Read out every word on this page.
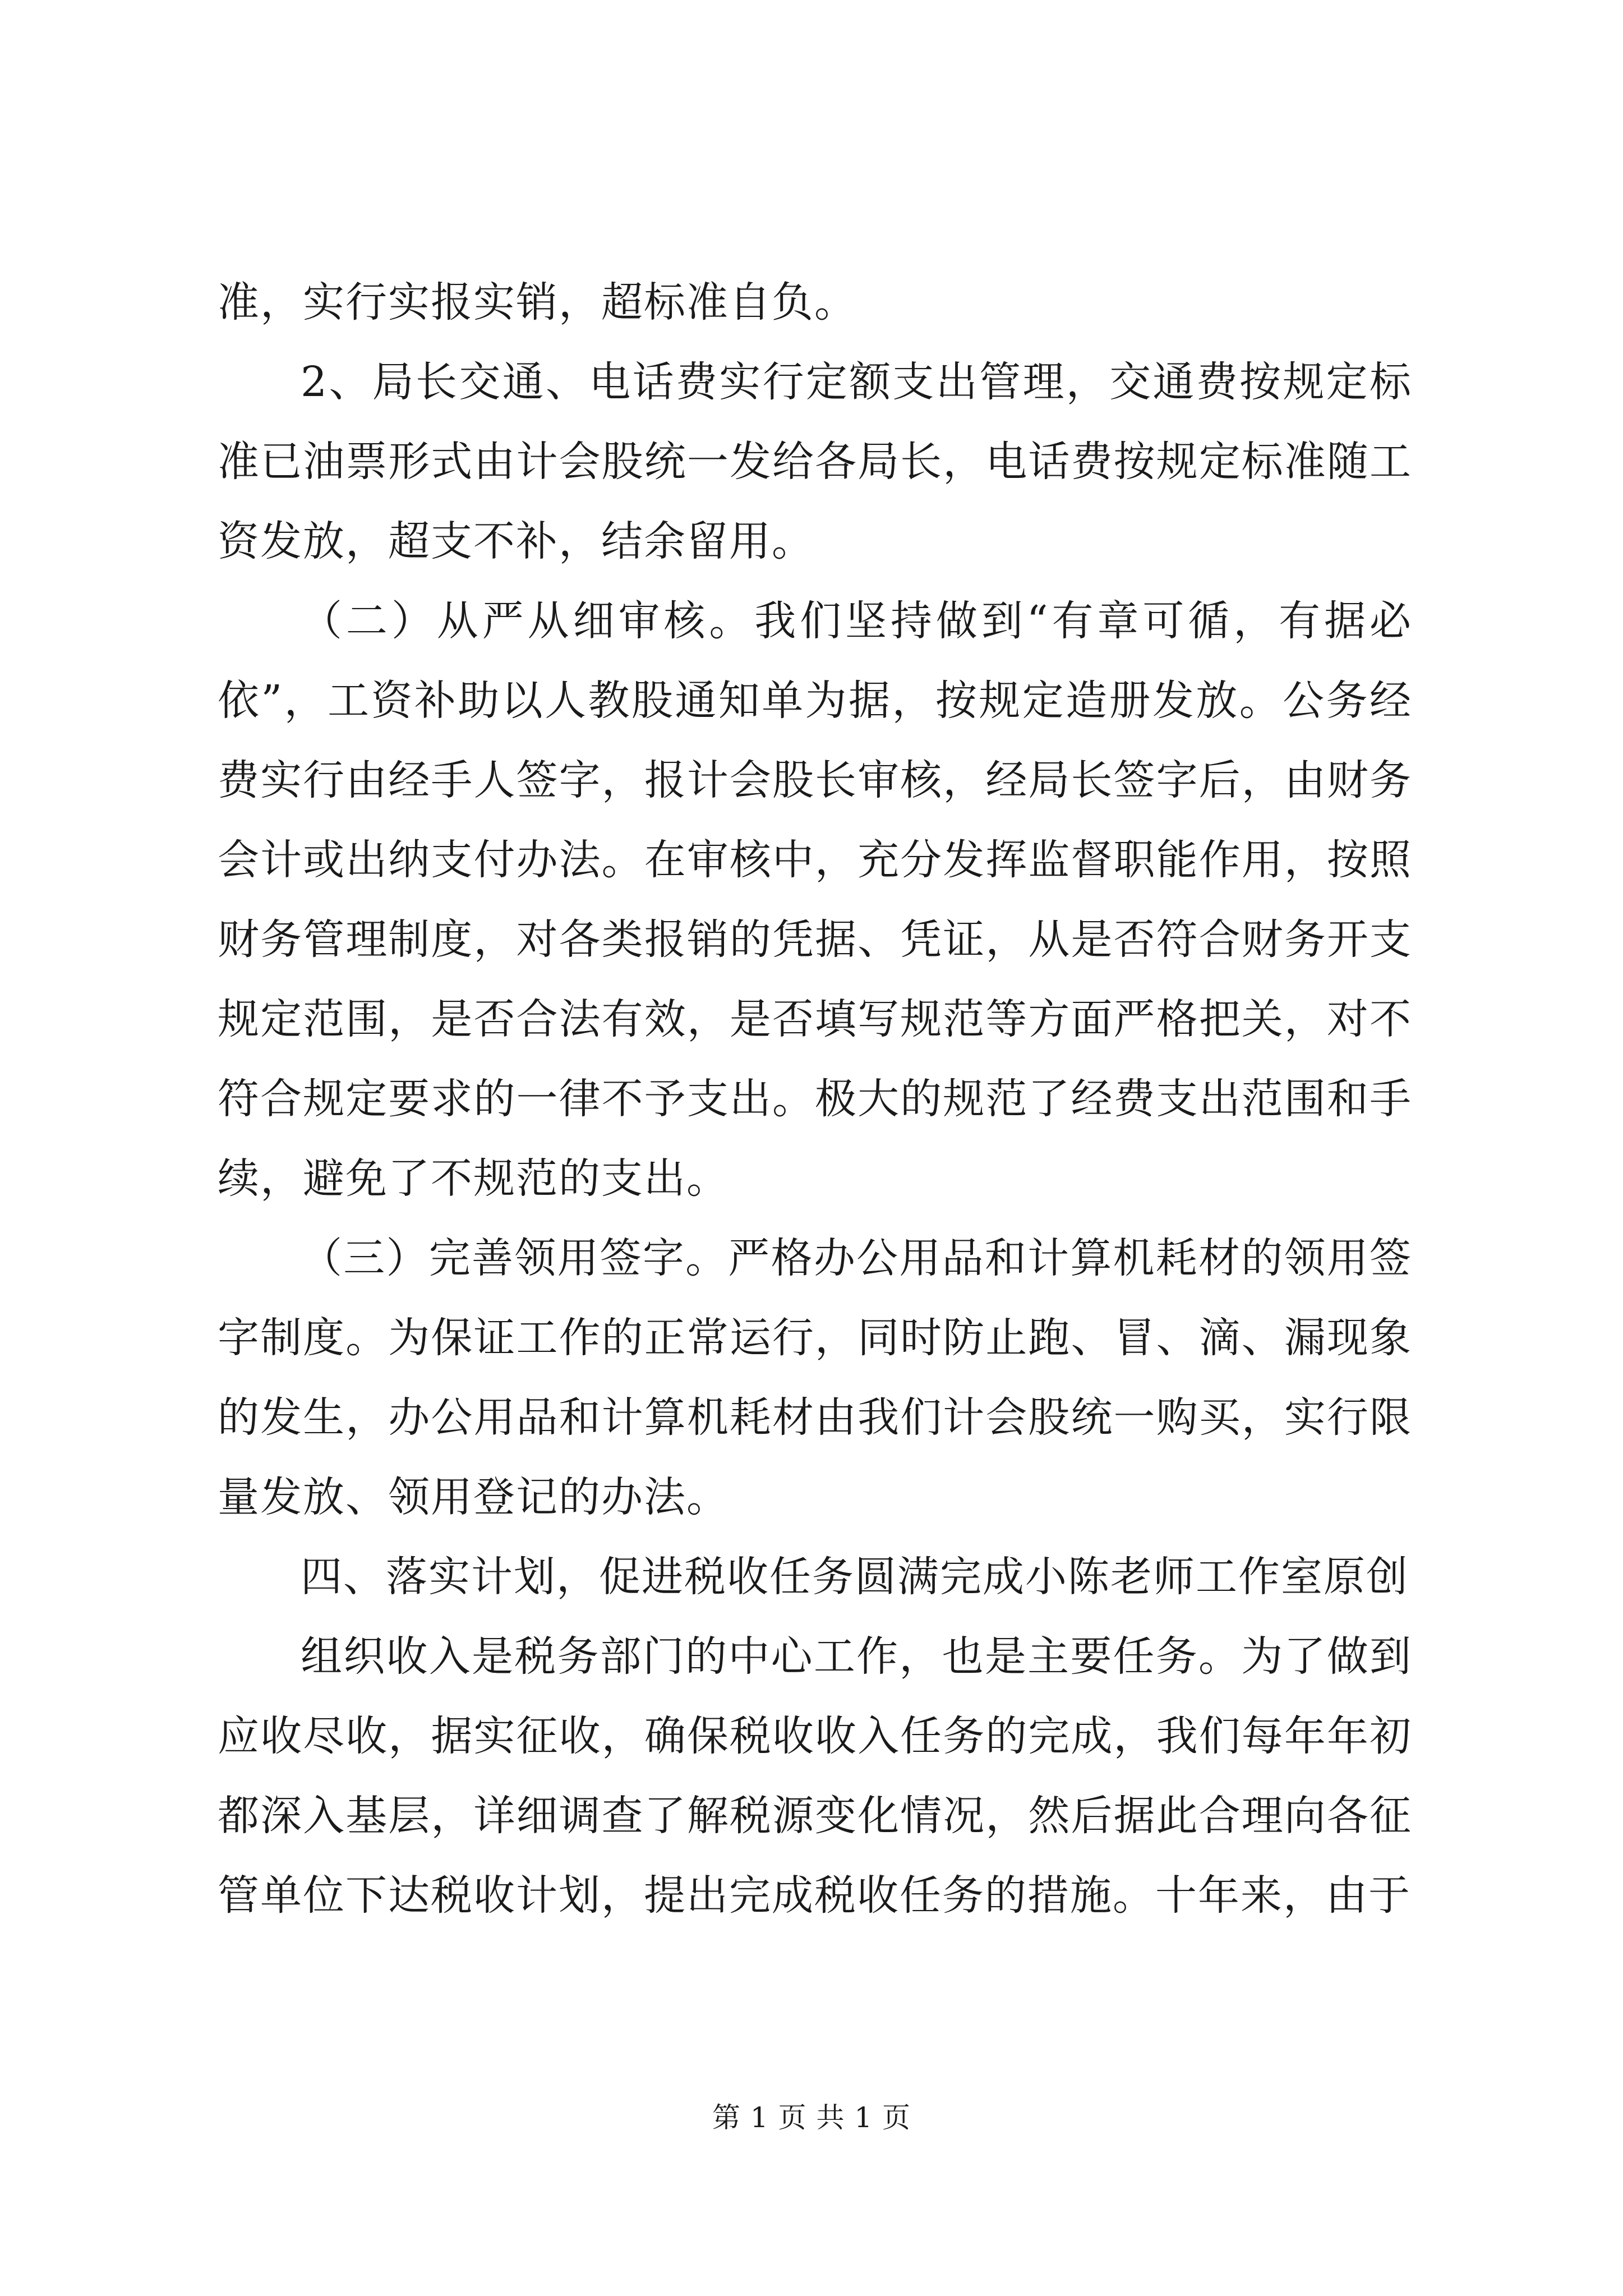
准，实行实报实销，超标准自负。

2、局长交通、电话费实行定额支出管理，交通费按规定标准已油票形式由计会股统一发给各局长，电话费按规定标准随工资发放，超支不补，结余留用。

（二）从严从细审核。我们坚持做到“有章可循，有据必依”，工资补助以人教股通知单为据，按规定造册发放。公务经费实行由经手人签字，报计会股长审核，经局长签字后，由财务会计或出纳支付办法。在审核中，充分发挥监督职能作用，按照财务管理制度，对各类报销的凭据、凭证，从是否符合财务开支规定范围，是否合法有效，是否填写规范等方面严格把关，对不符合规定要求的一律不予支出。极大的规范了经费支出范围和手续，避免了不规范的支出。

（三）完善领用签字。严格办公用品和计算机耗材的领用签字制度。为保证工作的正常运行，同时防止跑、冒、滴、漏现象的发生，办公用品和计算机耗材由我们计会股统一购买，实行限量发放、领用登记的办法。

四、落实计划，促进税收任务圆满完成小陈老师工作室原创

组织收入是税务部门的中心工作，也是主要任务。为了做到应收尽收，据实征收，确保税收收入任务的完成，我们每年年初都深入基层，详细调查了解税源变化情况，然后据此合理向各征管单位下达税收计划，提出完成税收任务的措施。十年来，由于

第 1 页 共 1 页
